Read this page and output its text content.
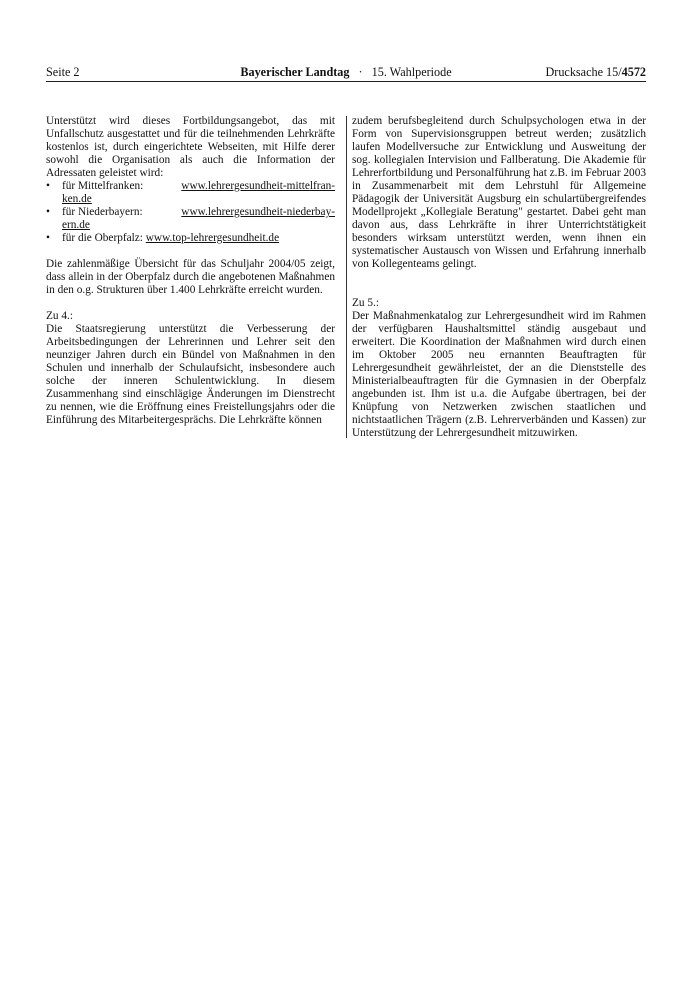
Seite 2	Bayerischer Landtag · 15. Wahlperiode	Drucksache 15/4572

Unterstützt wird dieses Fortbildungsangebot, das mit Unfallschutz ausgestattet und für die teilnehmenden Lehrkräfte kostenlos ist, durch eingerichtete Webseiten, mit Hilfe derer sowohl die Organisation als auch die Information der Adressaten geleistet wird:

• für Mittelfranken:	www.lehrergesundheit-mittelfran-
ken.de
• für Niederbayern:	www.lehrergesundheit-niederbay-
ern.de
• für die Oberpfalz: www.top-lehrergesundheit.de

Die zahlenmäßige Übersicht für das Schuljahr 2004/05 zeigt, dass allein in der Oberpfalz durch die angebotenen Maßnahmen in den o.g. Strukturen über 1.400 Lehrkräfte erreicht wurden.

Zu 4.:

Die Staatsregierung unterstützt die Verbesserung der Arbeitsbedingungen der Lehrerinnen und Lehrer seit den neunziger Jahren durch ein Bündel von Maßnahmen in den Schulen und innerhalb der Schulaufsicht, insbesondere auch solche der inneren Schulentwicklung. In diesem Zusammenhang sind einschlägige Änderungen im Dienstrecht zu nennen, wie die Eröffnung eines Freistellungsjahrs oder die Einführung des Mitarbeitergesprächs. Die Lehrkräfte können

zudem berufsbegleitend durch Schulpsychologen etwa in der Form von Supervisionsgruppen betreut werden; zusätzlich laufen Modellversuche zur Entwicklung und Ausweitung der sog. kollegialen Intervision und Fallberatung. Die Akademie für Lehrerfortbildung und Personalführung hat z.B. im Februar 2003 in Zusammenarbeit mit dem Lehrstuhl für Allgemeine Pädagogik der Universität Augsburg ein schulartübergreifendes Modellprojekt „Kollegiale Beratung" gestartet. Dabei geht man davon aus, dass Lehrkräfte in ihrer Unterrichtstätigkeit besonders wirksam unterstützt werden, wenn ihnen ein systematischer Austausch von Wissen und Erfahrung innerhalb von Kollegenteams gelingt.

Zu 5.:

Der Maßnahmenkatalog zur Lehrergesundheit wird im Rahmen der verfügbaren Haushaltsmittel ständig ausgebaut und erweitert. Die Koordination der Maßnahmen wird durch einen im Oktober 2005 neu ernannten Beauftragten für Lehrergesundheit gewährleistet, der an die Dienststelle des Ministerialbeauftragten für die Gymnasien in der Oberpfalz angebunden ist. Ihm ist u.a. die Aufgabe übertragen, bei der Knüpfung von Netzwerken zwischen staatlichen und nichtstaatlichen Trägern (z.B. Lehrerverbänden und Kassen) zur Unterstützung der Lehrergesundheit mitzuwirken.
